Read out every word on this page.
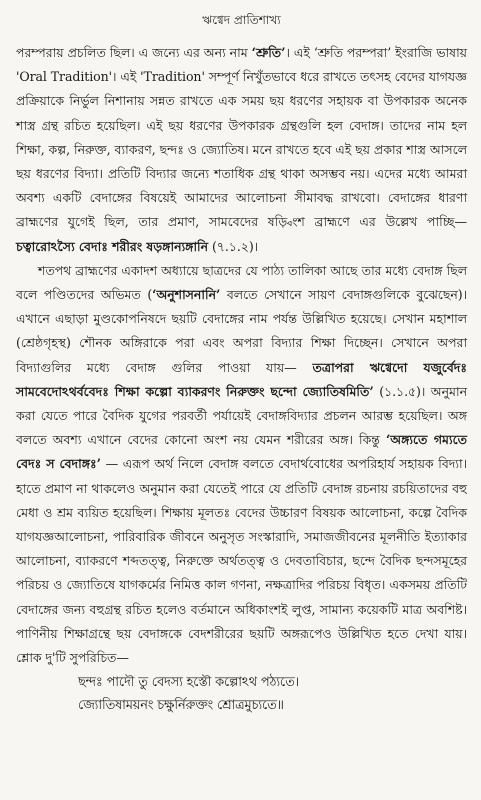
ঋগ্বেদ প্রাতিশাখ্য

পরম্পরায় প্রচলিত ছিল। এ জন্যে এর অন্য নাম ‘শ্রুতি’। এই ‘শ্রুতি পরম্পরা’ ইংরাজি ভাষায় 'Oral Tradition'। এই 'Tradition' সম্পূর্ণ নিখুঁতভাবে ধরে রাখতে তৎসহ বেদের যাগযজ্ঞ প্রক্রিয়াকে নির্ভুল নিশানায় সন্নত রাখতে এক সময় ছয় ধরণের সহায়ক বা উপকারক অনেক শাস্ত্র গ্রন্থ রচিত হয়েছিল। এই ছয় ধরণের উপকারক গ্রন্থগুলি হল বেদাঙ্গ। তাদের নাম হল শিক্ষা, কল্প, নিরুক্ত, ব্যাকরণ, ছন্দঃ ও জ্যোতিষ। মনে রাখতে হবে এই ছয় প্রকার শাস্ত্র আসলে ছয় ধরণের বিদ্যা। প্রতিটি বিদ্যার জন্যে শতাধিক গ্রন্থ থাকা অসম্ভব নয়। এদের মধ্যে আমরা অবশ্য একটি বেদাঙ্গের বিষয়েই আমাদের আলোচনা সীমাবদ্ধ রাখবো। বেদাঙ্গের ধারণা ব্রাহ্মণের যুগেই ছিল, তার প্রমাণ, সামবেদের ষড়্বিংশ ব্রাহ্মণে এর উল্লেখ পাচ্ছি— চত্বারোঽস্যৈ বেদাঃ শরীরং ষড়ঙ্গান্যঙ্গানি (৭.১.২)।

শতপথ ব্রাহ্মণের একাদশ অধ্যায়ে ছাত্রদের যে পাঠ্য তালিকা আছে তার মধ্যে বেদাঙ্গ ছিল বলে পণ্ডিতদের অভিমত (‘অনুশাসনানি’ বলতে সেখানে সায়ণ বেদাঙ্গগুলিকে বুঝেছেন)। এখানে এছাড়া মুণ্ডকোপনিষদে ছয়টি বেদাঙ্গের নাম পর্যন্ত উল্লিখিত হয়েছে। সেখান মহাশাল (শ্রেষ্ঠগৃহস্থ) শৌনক অঙ্গিরাকে পরা এবং অপরা বিদ্যার শিক্ষা দিচ্ছেন। সেখানে অপরা বিদ্যাগুলির মধ্যে বেদাঙ্গ গুলির পাওয়া যায়— তত্রাপরা ঋগ্বেদো যজুর্বেদঃ সামবেদোঽথর্ববেদঃ শিক্ষা কল্পো ব্যাকরণং নিরুক্তং ছন্দো জ্যোতিষমিতি’ (১.১.৫)। অনুমান করা যেতে পারে বৈদিক যুগের পরবর্তী পর্যায়েই বেদাঙ্গবিদ্যার প্রচলন আরম্ভ হয়েছিল। অঙ্গ বলতে অবশ্য এখানে বেদের কোনো অংশ নয় যেমন শরীরের অঙ্গ। কিন্তু ‘অঙ্গ্যতে গম্যতে বেদঃ স বেদাঙ্গঃ’ — এরূপ অর্থ নিলে বেদাঙ্গ বলতে বেদার্থবোধের অপরিহার্য সহায়ক বিদ্যা। হাতে প্রমাণ না থাকলেও অনুমান করা যেতেই পারে যে প্রতিটি বেদাঙ্গ রচনায় রচয়িতাদের বহু মেধা ও শ্রম ব্যয়িত হয়েছিল। শিক্ষায় মূলতঃ বেদের উচ্চারণ বিষয়ক আলোচনা, কল্পে বৈদিক যাগযজ্ঞআলোচনা, পারিবারিক জীবনে অনুসৃত সংস্কারাদি, সমাজজীবনের মূলনীতি ইত্যাকার আলোচনা, ব্যাকরণে শব্দতত্ত্ব, নিরুক্তে অর্থতত্ত্ব ও দেবতাবিচার, ছন্দে বৈদিক ছন্দসমূহের পরিচয় ও জ্যোতিষে যাগকর্মের নিমিত্ত কাল গণনা, নক্ষত্রাদির পরিচয় বিধৃত। একসময় প্রতিটি বেদাঙ্গের জন্য বহুগ্রন্থ রচিত হলেও বর্তমানে অধিকাংশই লুপ্ত, সামান্য কয়েকটি মাত্র অবশিষ্ট। পাণিনীয় শিক্ষাগ্রন্থে ছয় বেদাঙ্গকে বেদশরীরের ছয়টি অঙ্গরূপেও উল্লিখিত হতে দেখা যায়। শ্লোক দু'টি সুপরিচিত—

ছন্দঃ পাদৌ তু বেদস্য হস্তৌ কল্পোঽথ পঠ্যতে।
জ্যোতিষাময়নং চক্ষুর্নিরুক্তং শ্রোত্রমুচ্যতে॥
